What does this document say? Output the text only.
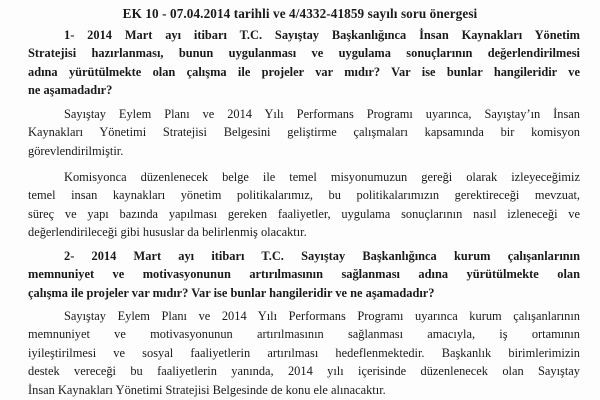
EK 10 - 07.04.2014 tarihli ve 4/4332-41859 sayılı soru önergesi
1- 2014 Mart ayı itibarı T.C. Sayıştay Başkanlığınca İnsan Kaynakları Yönetim
Stratejisi hazırlanması, bunun uygulanması ve uygulama sonuçlarının değerlendirilmesi
adına yürütülmekte olan çalışma ile projeler var mıdır? Var ise bunlar hangileridir ve
ne aşamadadır?
Sayıştay Eylem Planı ve 2014 Yılı Performans Programı uyarınca, Sayıştay’ın İnsan
Kaynakları Yönetimi Stratejisi Belgesini geliştirme çalışmaları kapsamında bir komisyon
görevlendirilmiştir.
Komisyonca düzenlenecek belge ile temel misyonumuzun gereği olarak izleyeceğimiz
temel insan kaynakları yönetim politikalarımız, bu politikalarımızın gerektireceği mevzuat,
süreç ve yapı bazında yapılması gereken faaliyetler, uygulama sonuçlarının nasıl izleneceği ve
değerlendirileceği gibi hususlar da belirlenmiş olacaktır.
2- 2014 Mart ayı itibarı T.C. Sayıştay Başkanlığınca kurum çalışanlarının
memnuniyet ve motivasyonunun artırılmasının sağlanması adına yürütülmekte olan
çalışma ile projeler var mıdır? Var ise bunlar hangileridir ve ne aşamadadır?
Sayıştay Eylem Planı ve 2014 Yılı Performans Programı uyarınca kurum çalışanlarının
memnuniyet ve motivasyonunun artırılmasının sağlanması amacıyla, iş ortamının
iyileştirilmesi ve sosyal faaliyetlerin artırılması hedeflenmektedir. Başkanlık birimlerimizin
destek vereceği bu faaliyetlerin yanında, 2014 yılı içerisinde düzenlenecek olan Sayıştay
İnsan Kaynakları Yönetimi Stratejisi Belgesinde de konu ele alınacaktır.
